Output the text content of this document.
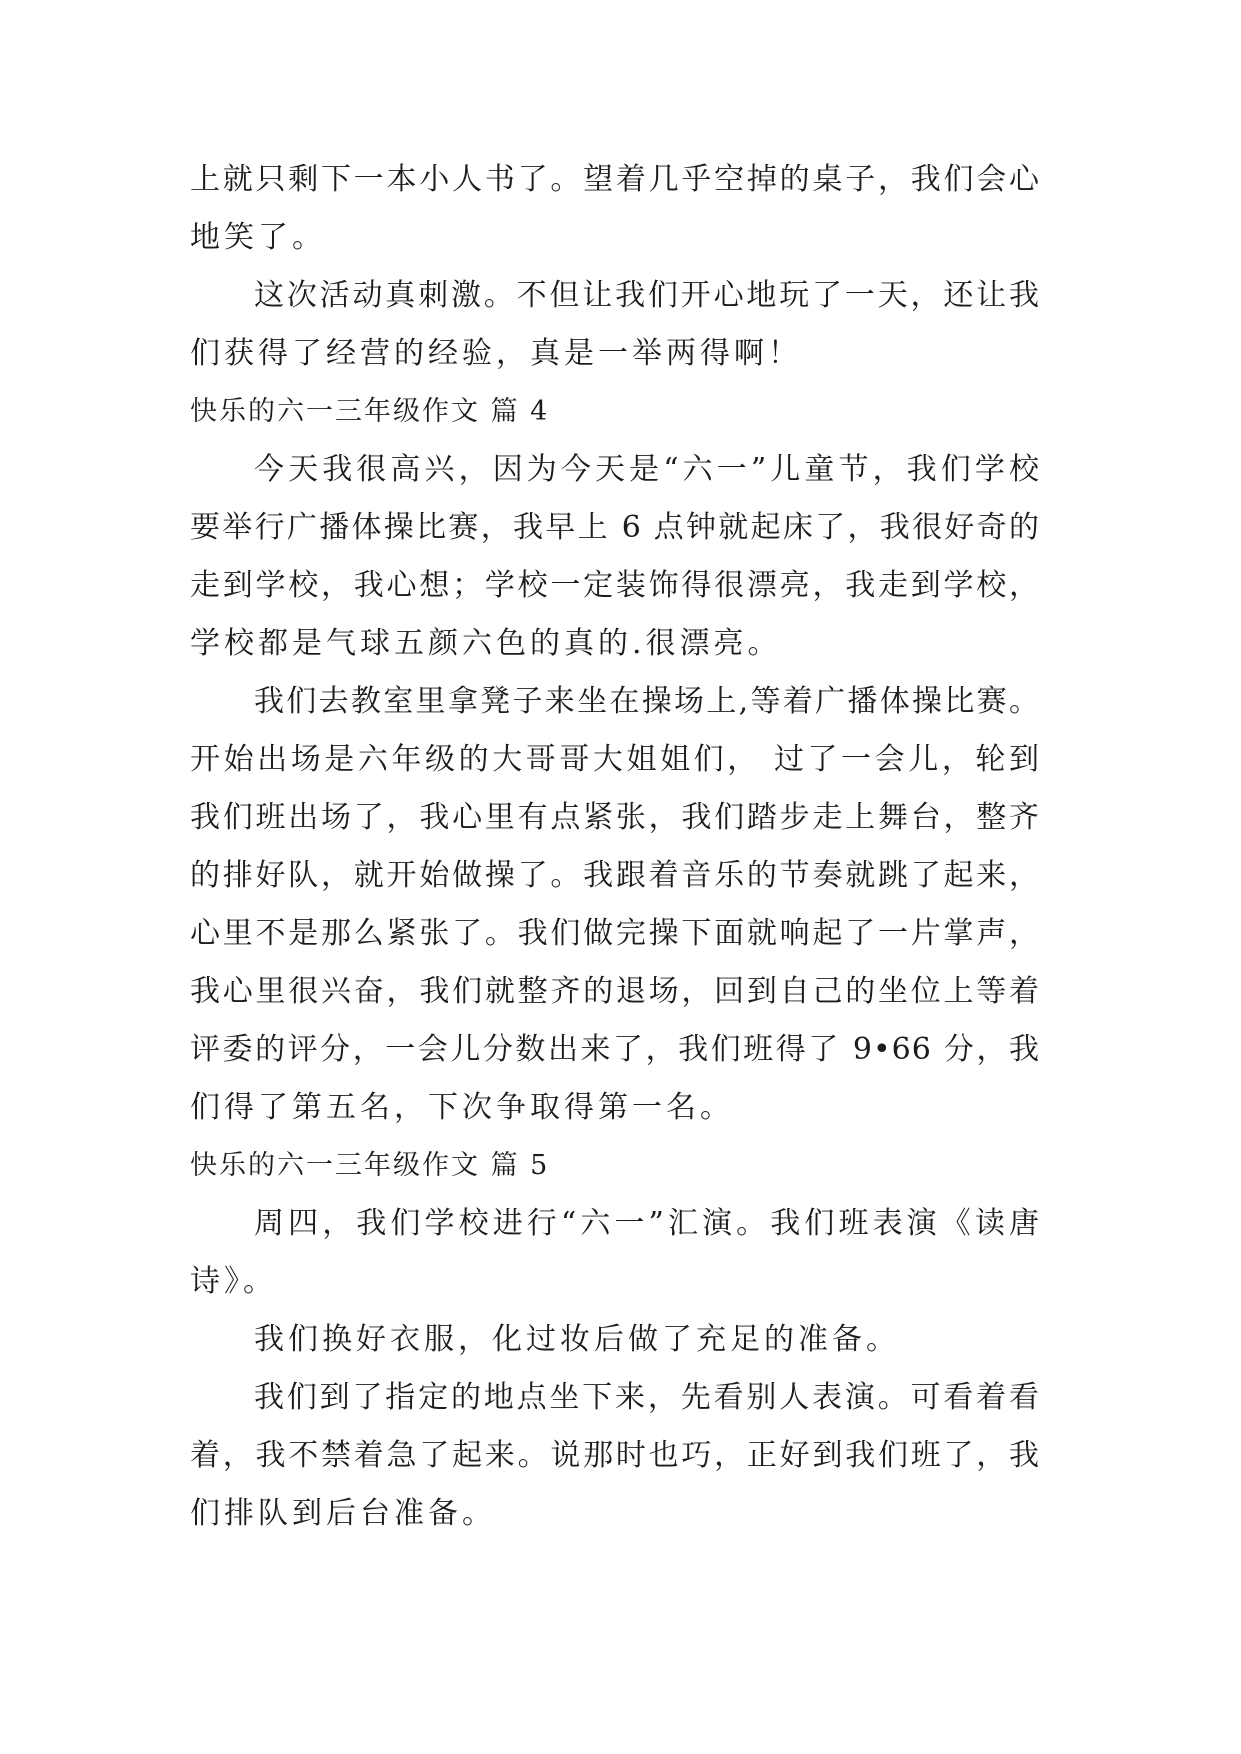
上就只剩下一本小人书了。望着几乎空掉的桌子，我们会心
地笑了。
这次活动真刺激。不但让我们开心地玩了一天，还让我
们获得了经营的经验，真是一举两得啊！
快乐的六一三年级作文 篇 4
今天我很高兴，因为今天是“六一”儿童节，我们学校
要举行广播体操比赛，我早上 6 点钟就起床了，我很好奇的
走到学校，我心想；学校一定装饰得很漂亮，我走到学校，
学校都是气球五颜六色的真的.很漂亮。
我们去教室里拿凳子来坐在操场上,等着广播体操比赛。
开始出场是六年级的大哥哥大姐姐们， 过了一会儿，轮到
我们班出场了，我心里有点紧张，我们踏步走上舞台，整齐
的排好队，就开始做操了。我跟着音乐的节奏就跳了起来，
心里不是那么紧张了。我们做完操下面就响起了一片掌声，
我心里很兴奋，我们就整齐的退场，回到自己的坐位上等着
评委的评分，一会儿分数出来了，我们班得了 9•66 分，我
们得了第五名，下次争取得第一名。
快乐的六一三年级作文 篇 5
周四，我们学校进行“六一”汇演。我们班表演《读唐
诗》。
我们换好衣服，化过妆后做了充足的准备。
我们到了指定的地点坐下来，先看别人表演。可看着看
着，我不禁着急了起来。说那时也巧，正好到我们班了，我
们排队到后台准备。
